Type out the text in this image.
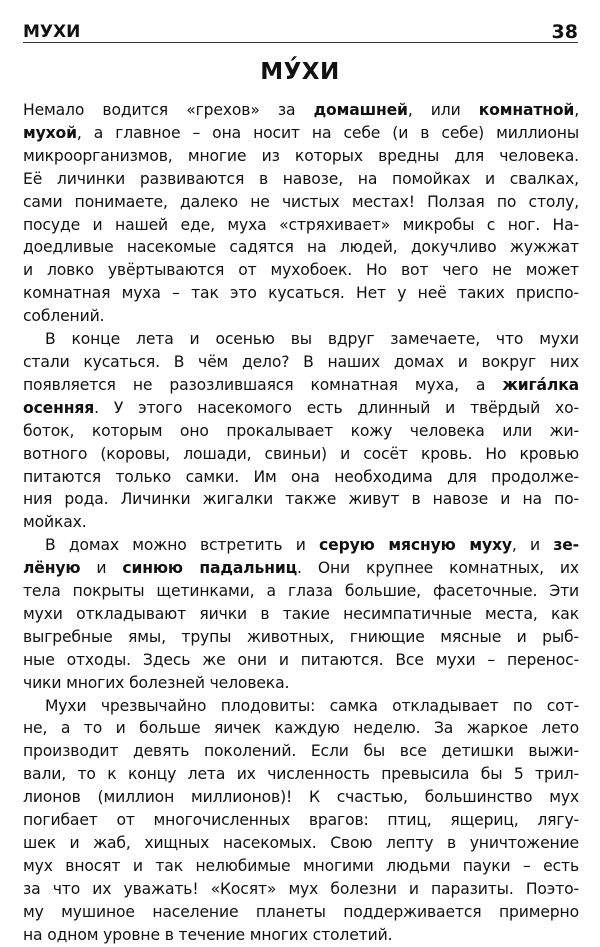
МУХИ	38
МУ́ХИ

Немало водится «грехов» за домашней, или комнатной,
мухой, а главное – она носит на себе (и в себе) миллионы
микроорганизмов, многие из которых вредны для человека.
Её личинки развиваются в навозе, на помойках и свалках,
сами понимаете, далеко не чистых местах! Ползая по столу,
посуде и нашей еде, муха «стряхивает» микробы с ног. На-
доедливые насекомые садятся на людей, докучливо жужжат
и ловко увёртываются от мухобоек. Но вот чего не может
комнатная муха – так это кусаться. Нет у неё таких приспо-
соблений.

В конце лета и осенью вы вдруг замечаете, что мухи
стали кусаться. В чём дело? В наших домах и вокруг них
появляется не разозлившаяся комнатная муха, а жига́лка
осенняя. У этого насекомого есть длинный и твёрдый хо-
боток, которым оно прокалывает кожу человека или жи-
вотного (коровы, лошади, свиньи) и сосёт кровь. Но кровью
питаются только самки. Им она необходима для продолже-
ния рода. Личинки жигалки также живут в навозе и на по-
мойках.

В домах можно встретить и серую мясную муху, и зе-
лёную и синюю падальниц. Они крупнее комнатных, их
тела покрыты щетинками, а глаза большие, фасеточные. Эти
мухи откладывают яички в такие несимпатичные места, как
выгребные ямы, трупы животных, гниющие мясные и рыб-
ные отходы. Здесь же они и питаются. Все мухи – перенос-
чики многих болезней человека.

Мухи чрезвычайно плодовиты: самка откладывает по сот-
не, а то и больше яичек каждую неделю. За жаркое лето
производит девять поколений. Если бы все детишки выжи-
вали, то к концу лета их численность превысила бы 5 трил-
лионов (миллион миллионов)! К счастью, большинство мух
погибает от многочисленных врагов: птиц, ящериц, лягу-
шек и жаб, хищных насекомых. Свою лепту в уничтожение
мух вносят и так нелюбимые многими людьми пауки – есть
за что их уважать! «Косят» мух болезни и паразиты. Поэто-
му мушиное население планеты поддерживается примерно
на одном уровне в течение многих столетий.
